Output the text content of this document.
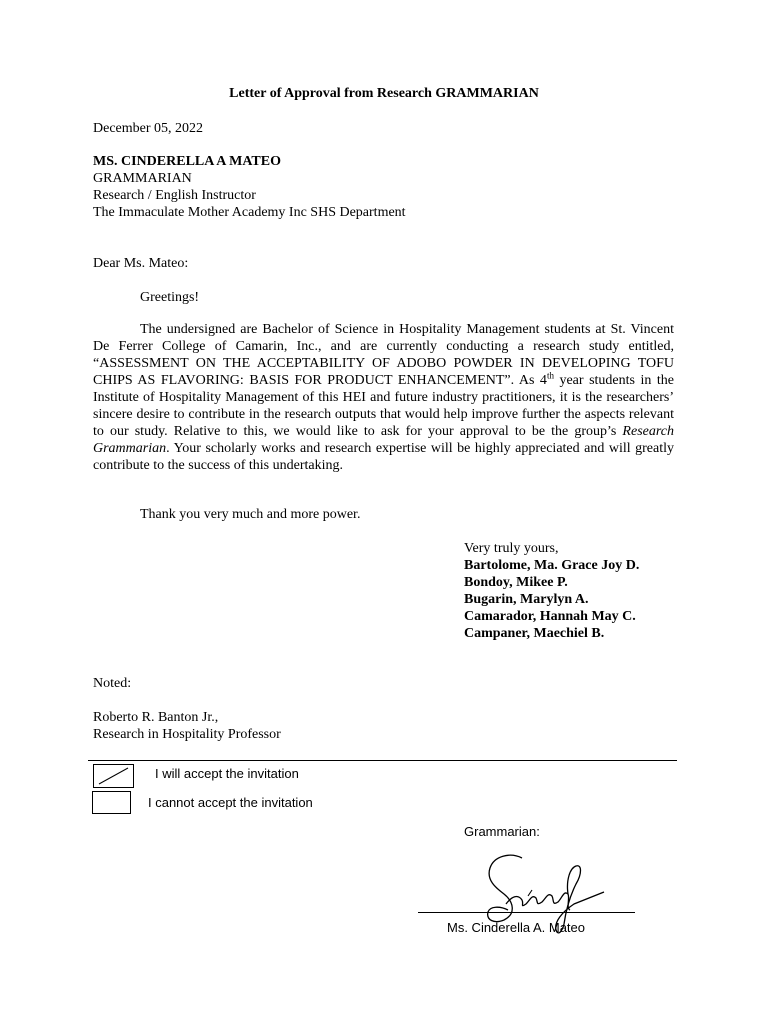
Letter of Approval from Research GRAMMARIAN
December 05, 2022
MS. CINDERELLA A MATEO
GRAMMARIAN
Research / English Instructor
The Immaculate Mother Academy Inc SHS Department
Dear Ms. Mateo:
Greetings!
The undersigned are Bachelor of Science in Hospitality Management students at St. Vincent De Ferrer College of Camarin, Inc., and are currently conducting a research study entitled, “ASSESSMENT ON THE ACCEPTABILITY OF ADOBO POWDER IN DEVELOPING TOFU CHIPS AS FLAVORING: BASIS FOR PRODUCT ENHANCEMENT”. As 4th year students in the Institute of Hospitality Management of this HEI and future industry practitioners, it is the researchers’ sincere desire to contribute in the research outputs that would help improve further the aspects relevant to our study. Relative to this, we would like to ask for your approval to be the group’s Research Grammarian. Your scholarly works and research expertise will be highly appreciated and will greatly contribute to the success of this undertaking.
Thank you very much and more power.
Very truly yours,
Bartolome, Ma. Grace Joy D.
Bondoy, Mikee P.
Bugarin, Marylyn A.
Camarador, Hannah May C.
Campaner, Maechiel B.
Noted:
Roberto R. Banton Jr.,
Research in Hospitality Professor
I will accept the invitation
I cannot accept the invitation
Grammarian:
Ms. Cinderella A. Mateo
